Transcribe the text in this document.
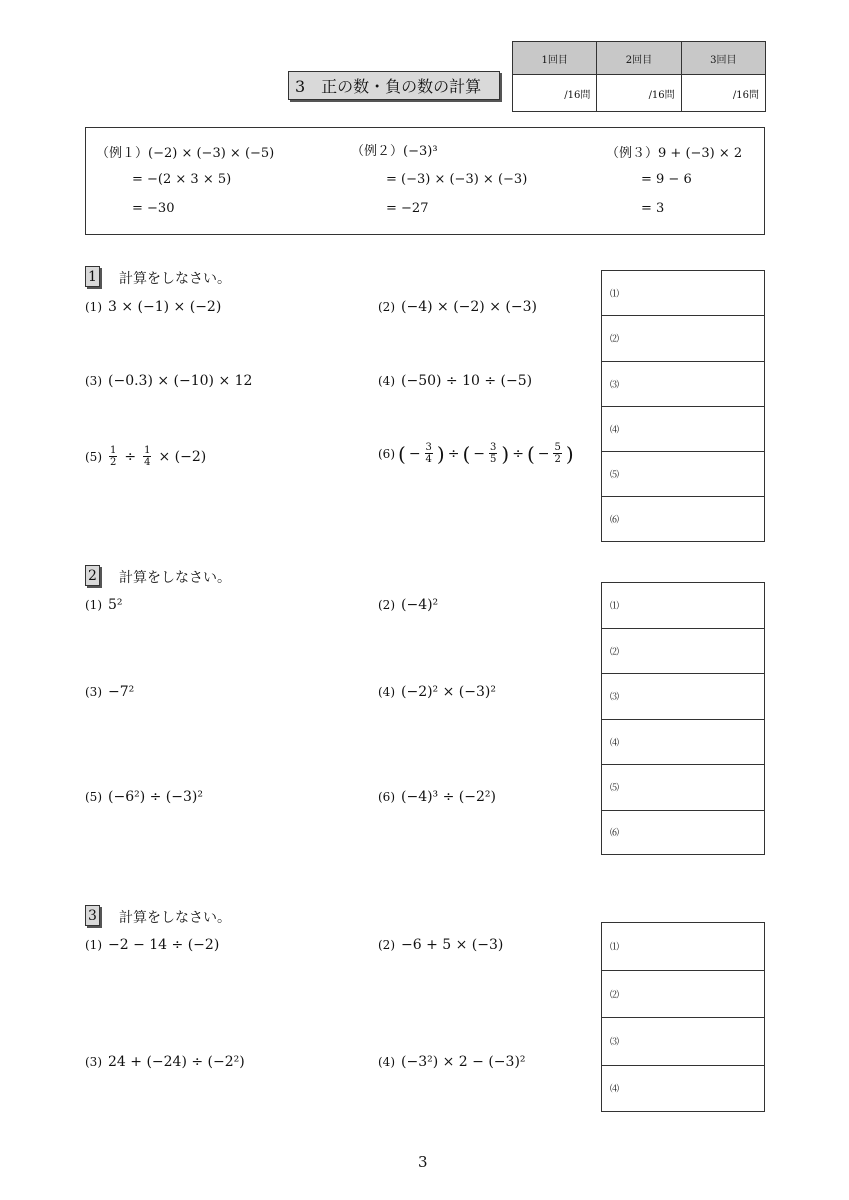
1回目	2回目	3回目
/16問	/16問	/16問
3　正の数・負の数の計算
（例１）(−2) × (−3) × (−5)
= −(2 × 3 × 5)
= −30
（例２）(−3)³
= (−3) × (−3) × (−3)
= −27
（例３）9 + (−3) × 2
= 9 − 6
= 3
1 計算をしなさい。
(1) 3 × (−1) × (−2)	(2) (−4) × (−2) × (−3)
(3) (−0.3) × (−10) × 12	(4) (−50) ÷ 10 ÷ (−5)
$(5) \frac{1}{2} \div \frac{1}{4} \times (-2)$	(6) ( − $\frac{3}{4}$ ) ÷ ( − $\frac{3}{5}$ ) ÷ ( − $\frac{5}{2}$ )
⑴
⑵
⑶
⑷
⑸
⑹
2 計算をしなさい。
(1) 5²	(2) (−4)²
(3) −7²	(4) (−2)² × (−3)²
(5) (−6²) ÷ (−3)²	(6) (−4)³ ÷ (−2²)
⑴
⑵
⑶
⑷
⑸
⑹
3 計算をしなさい。
(1) −2 − 14 ÷ (−2)	(2) −6 + 5 × (−3)
(3) 24 + (−24) ÷ (−2²)	(4) (−3²) × 2 − (−3)²
⑴
⑵
⑶
⑷
3
